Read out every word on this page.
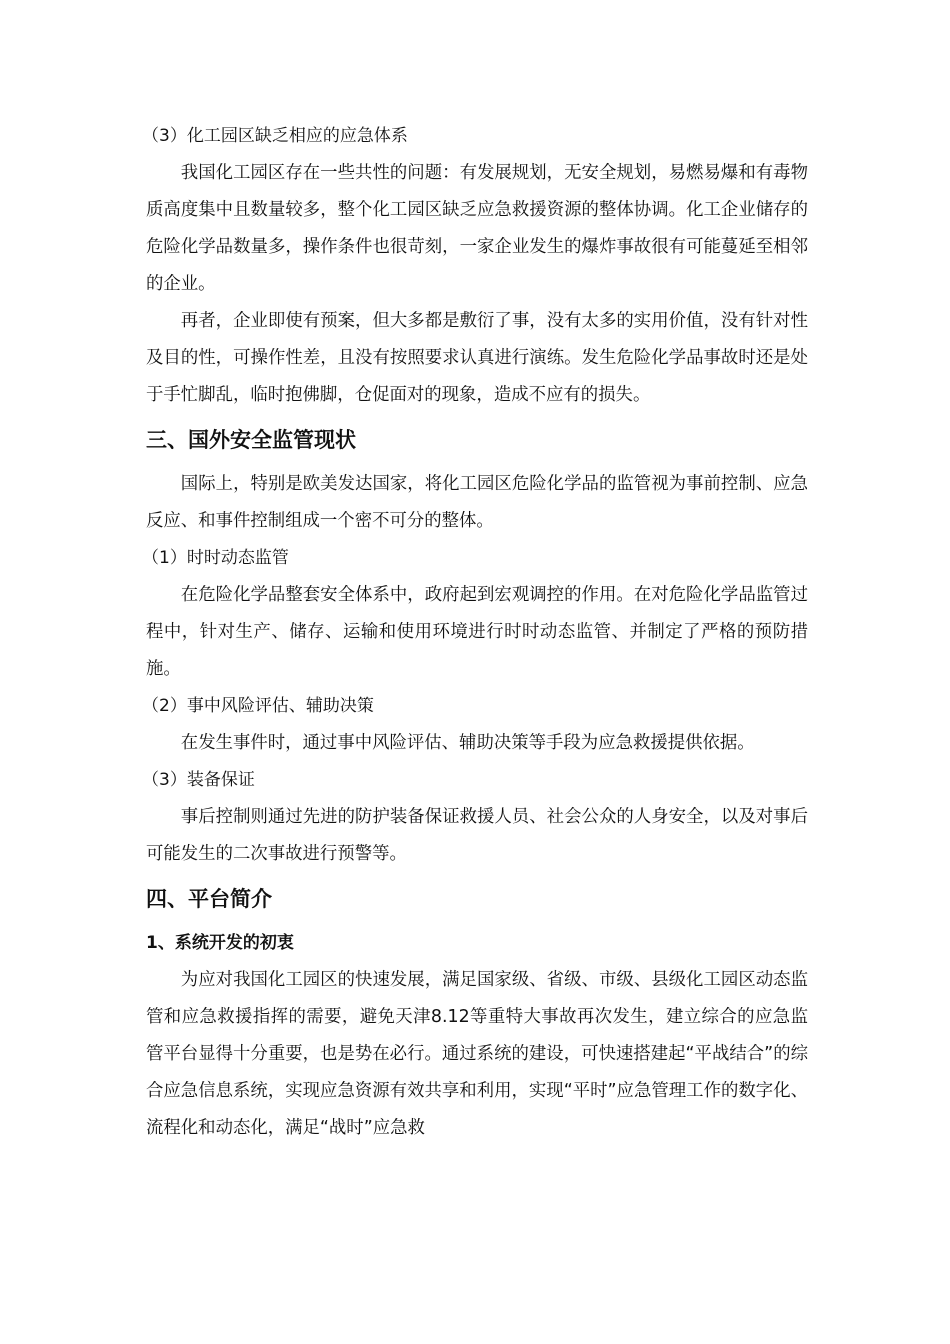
（3）化工园区缺乏相应的应急体系
我国化工园区存在一些共性的问题：有发展规划，无安全规划，易燃易爆和有毒物质高度集中且数量较多，整个化工园区缺乏应急救援资源的整体协调。化工企业储存的危险化学品数量多，操作条件也很苛刻，一家企业发生的爆炸事故很有可能蔓延至相邻的企业。
再者，企业即使有预案，但大多都是敷衍了事，没有太多的实用价值，没有针对性及目的性，可操作性差，且没有按照要求认真进行演练。发生危险化学品事故时还是处于手忙脚乱，临时抱佛脚，仓促面对的现象，造成不应有的损失。
三、国外安全监管现状
国际上，特别是欧美发达国家，将化工园区危险化学品的监管视为事前控制、应急反应、和事件控制组成一个密不可分的整体。
（1）时时动态监管
在危险化学品整套安全体系中，政府起到宏观调控的作用。在对危险化学品监管过程中，针对生产、储存、运输和使用环境进行时时动态监管、并制定了严格的预防措施。
（2）事中风险评估、辅助决策
在发生事件时，通过事中风险评估、辅助决策等手段为应急救援提供依据。
（3）装备保证
事后控制则通过先进的防护装备保证救援人员、社会公众的人身安全，以及对事后可能发生的二次事故进行预警等。
四、平台简介
1、系统开发的初衷
为应对我国化工园区的快速发展，满足国家级、省级、市级、县级化工园区动态监管和应急救援指挥的需要，避免天津8.12等重特大事故再次发生，建立综合的应急监管平台显得十分重要，也是势在必行。通过系统的建设，可快速搭建起“平战结合”的综合应急信息系统，实现应急资源有效共享和利用，实现“平时”应急管理工作的数字化、流程化和动态化，满足“战时”应急救
